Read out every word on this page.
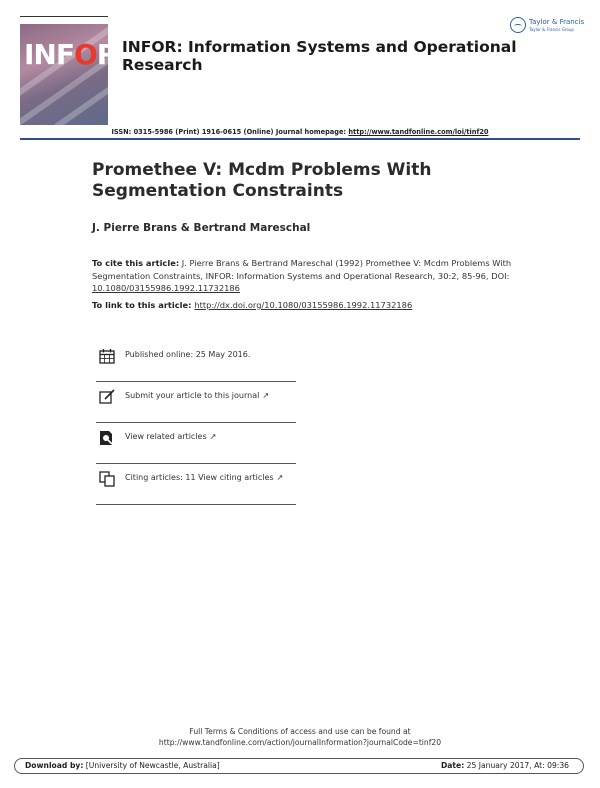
INFOR INFOR: Information Systems and Operational Research
Taylor & Francis
Taylor & Francis Group
ISSN: 0315-5986 (Print) 1916-0615 (Online) Journal homepage: http://www.tandfonline.com/loi/tinf20
Promethee V: Mcdm Problems With Segmentation Constraints
J. Pierre Brans & Bertrand Mareschal
To cite this article: J. Pierre Brans & Bertrand Mareschal (1992) Promethee V: Mcdm Problems With Segmentation Constraints, INFOR: Information Systems and Operational Research, 30:2, 85-96, DOI: 10.1080/03155986.1992.11732186
To link to this article: http://dx.doi.org/10.1080/03155986.1992.11732186
Published online: 25 May 2016.
Submit your article to this journal ↗
View related articles ↗
Citing articles: 11 View citing articles ↗
Full Terms & Conditions of access and use can be found at
http://www.tandfonline.com/action/journalInformation?journalCode=tinf20
Download by: [University of Newcastle, Australia]	Date: 25 January 2017, At: 09:36
